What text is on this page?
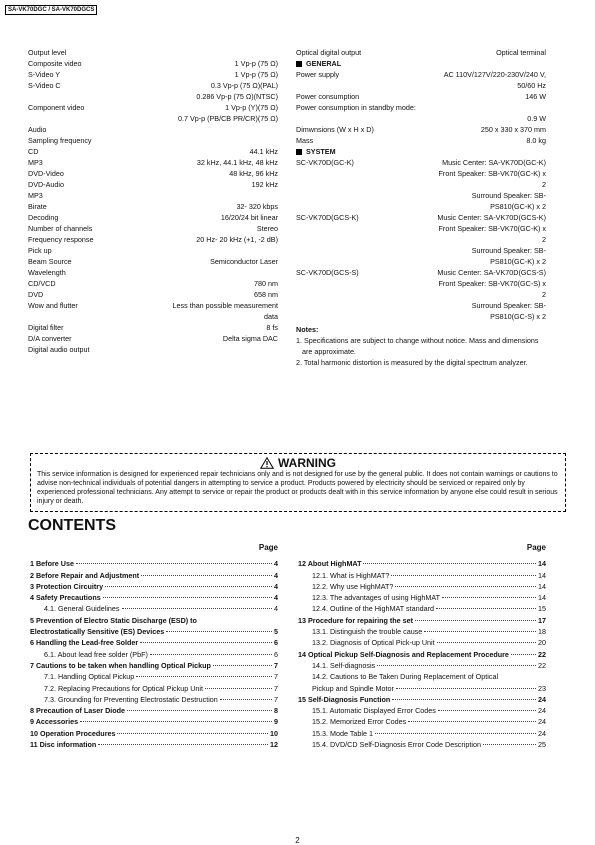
SA-VK70DGC / SA-VK70DGCS
Output level
Composite video	1 Vp-p (75 Ω)
S-Video Y	1 Vp-p (75 Ω)
S-Video C	0.3 Vp-p (75 Ω)(PAL)
0.286 Vp-p (75 Ω)(NTSC)
Component video	1 Vp-p (Y)(75 Ω)
0.7 Vp-p (PB/CB PR/CR)(75 Ω)
Audio
Sampling frequency
CD	44.1 kHz
MP3	32 kHz, 44.1 kHz, 48 kHz
DVD-Video	48 kHz, 96 kHz
DVD-Audio	192 kHz
MP3
Birate	32- 320 kbps
Decoding	16/20/24 bit linear
Number of channels	Stereo
Frequency response	20 Hz- 20 kHz (+1, -2 dB)
Pick up
Beam Source	Semiconductor Laser
Wavelength
CD/VCD	780 nm
DVD	658 nm
Wow and flutter	Less than possible measurement data
Digital filter	8 fs
D/A converter	Delta sigma DAC
Digital audio output
Optical digital output	Optical terminal
GENERAL
Power supply	AC 110V/127V/220-230V/240 V, 50/60 Hz
Power consumption	146 W
Power consumption in standby mode:
0.9 W
Dimwnsions (W x H x D)	250 x 330 x 370 mm
Mass	8.0 kg
SYSTEM
SC-VK70D(GC-K)	Music Center: SA-VK70D(GC-K)
Front Speaker: SB-VK70(GC-K) x 2
Surround Speaker: SB-PS810(GC-K) x 2
SC-VK70D(GCS-K)	Music Center: SA-VK70D(GCS-K)
Front Speaker: SB-VK70(GC-K) x 2
Surround Speaker: SB-PS810(GC-K) x 2
SC-VK70D(GCS-S)	Music Center: SA-VK70D(GCS-S)
Front Speaker: SB-VK70(GC-S) x 2
Surround Speaker: SB-PS810(GC-S) x 2
Notes:
1. Specifications are subject to change without notice. Mass and dimensions are approximate.
2. Total harmonic distortion is measured by the digital spectrum analyzer.
WARNING
This service information is designed for experienced repair technicians only and is not designed for use by the general public. It does not contain warnings or cautions to advise non-technical individuals of potential dangers in attempting to service a product. Products powered by electricity should be serviced or repaired only by experienced professional technicians. Any attempt to service or repair the product or products dealt with in this service information by anyone else could result in serious injury or death.
CONTENTS
Page
1 Before Use	4
2 Before Repair and Adjustment	4
3 Protection Circuitry	4
4 Safety Precautions	4
4.1. General Guidelines	4
5 Prevention of Electro Static Discharge (ESD) to
Electrostatically Sensitive (ES) Devices	5
6 Handling the Lead-free Solder	6
6.1. About lead free solder (PbF)	6
7 Cautions to be taken when handling Optical Pickup	7
7.1. Handling Optical Pickup	7
7.2. Replacing Precautions for Optical Pickup Unit	7
7.3. Grounding for Preventing Electrostatic Destruction	7
8 Precaution of Laser Diode	8
9 Accessories	9
10 Operation Procedures	10
11 Disc information	12
Page
12 About HighMAT	14
12.1. What is HighMAT?	14
12.2. Why use HighMAT?	14
12.3. The advantages of using HighMAT	14
12.4. Outline of the HighMAT standard	15
13 Procedure for repairing the set	17
13.1. Distinguish the trouble cause	18
13.2. Diagnosis of Optical Pick-up Unit	20
14 Optical Pickup Self-Diagnosis and Replacement Procedure	22
14.1. Self-diagnosis	22
14.2. Cautions to Be Taken During Replacement of Optical
Pickup and Spindle Motor	23
15 Self-Diagnosis Function	24
15.1. Automatic Displayed Error Codes	24
15.2. Memorized Error Codes	24
15.3. Mode Table 1	24
15.4. DVD/CD Self-Diagnosis Error Code Description	25
2
